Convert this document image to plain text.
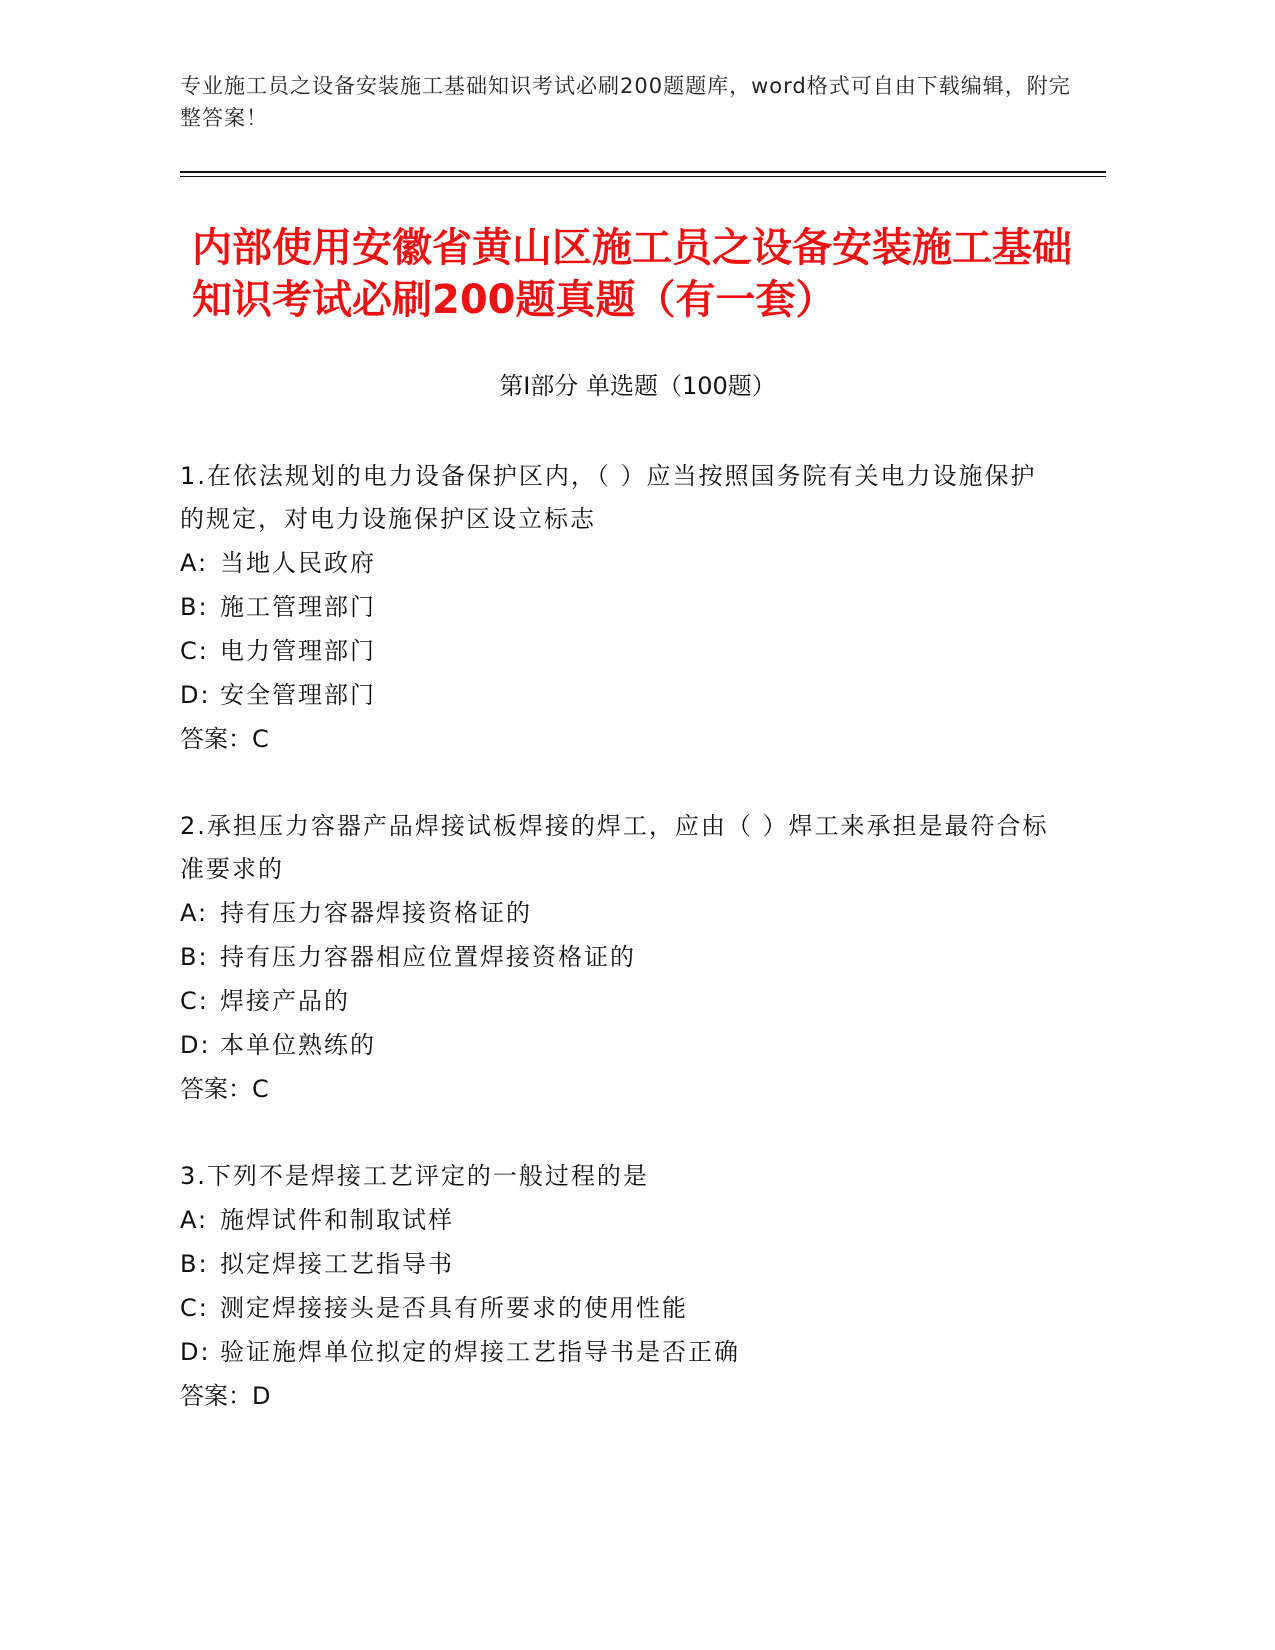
专业施工员之设备安装施工基础知识考试必刷200题题库，word格式可自由下载编辑，附完整答案！
内部使用安徽省黄山区施工员之设备安装施工基础知识考试必刷200题真题（有一套）
第Ⅰ部分 单选题（100题）
1.在依法规划的电力设备保护区内，（ ）应当按照国务院有关电力设施保护的规定，对电力设施保护区设立标志
A: 当地人民政府
B: 施工管理部门
C: 电力管理部门
D: 安全管理部门
答案：C
2.承担压力容器产品焊接试板焊接的焊工，应由（ ）焊工来承担是最符合标准要求的
A: 持有压力容器焊接资格证的
B: 持有压力容器相应位置焊接资格证的
C: 焊接产品的
D: 本单位熟练的
答案：C
3.下列不是焊接工艺评定的一般过程的是
A: 施焊试件和制取试样
B: 拟定焊接工艺指导书
C: 测定焊接接头是否具有所要求的使用性能
D: 验证施焊单位拟定的焊接工艺指导书是否正确
答案：D
